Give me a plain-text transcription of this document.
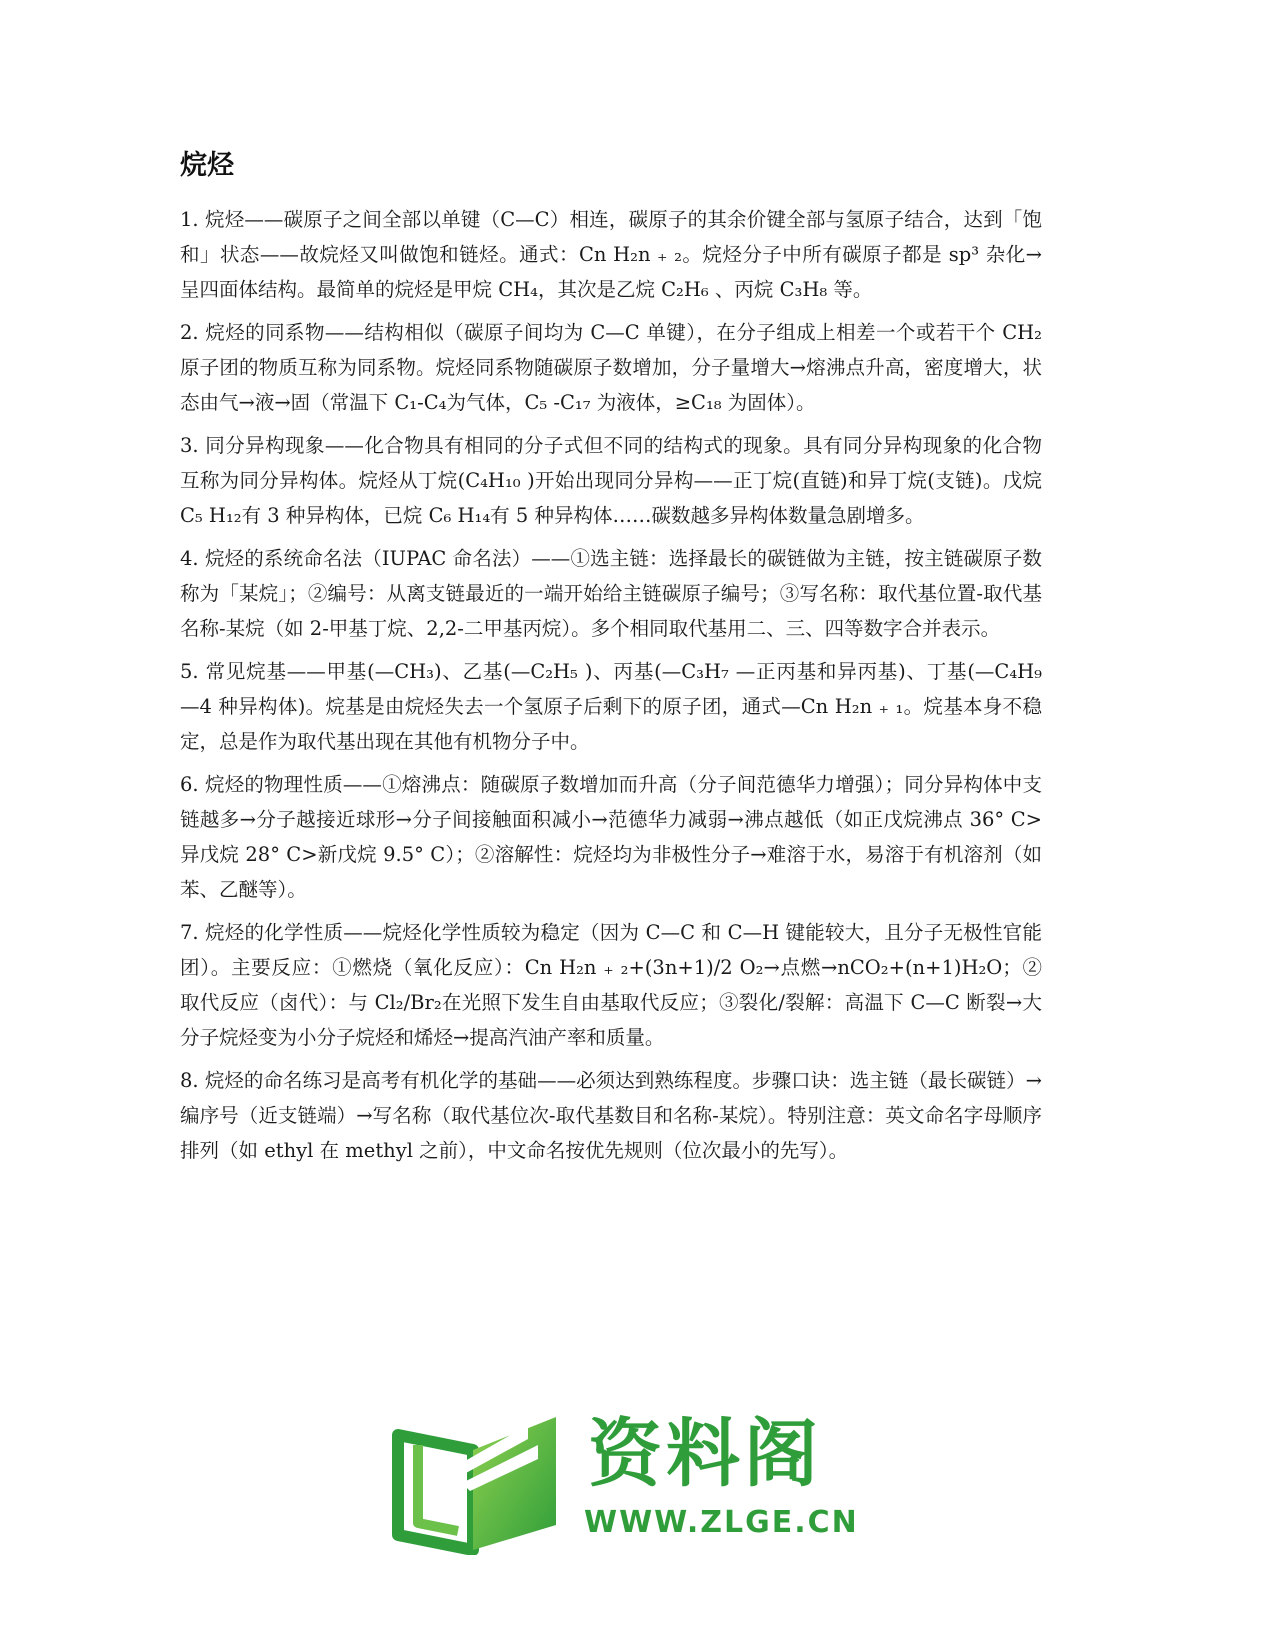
烷烃

1. 烷烃——碳原子之间全部以单键（C—C）相连，碳原子的其余价键全部与氢原子结合，达到「饱和」状态——故烷烃又叫做饱和链烃。通式：Cn H₂n ₊ ₂。烷烃分子中所有碳原子都是 sp³ 杂化→呈四面体结构。最简单的烷烃是甲烷 CH₄，其次是乙烷 C₂H₆ 、丙烷 C₃H₈ 等。

2. 烷烃的同系物——结构相似（碳原子间均为 C—C 单键），在分子组成上相差一个或若干个 CH₂原子团的物质互称为同系物。烷烃同系物随碳原子数增加，分子量增大→熔沸点升高，密度增大，状态由气→液→固（常温下 C₁-C₄为气体，C₅ -C₁₇ 为液体，≥C₁₈ 为固体）。

3. 同分异构现象——化合物具有相同的分子式但不同的结构式的现象。具有同分异构现象的化合物互称为同分异构体。烷烃从丁烷(C₄H₁₀ )开始出现同分异构——正丁烷(直链)和异丁烷(支链)。戊烷 C₅ H₁₂有 3 种异构体，已烷 C₆ H₁₄有 5 种异构体……碳数越多异构体数量急剧增多。

4. 烷烃的系统命名法（IUPAC 命名法）——①选主链：选择最长的碳链做为主链，按主链碳原子数称为「某烷」；②编号：从离支链最近的一端开始给主链碳原子编号；③写名称：取代基位置-取代基名称-某烷（如 2-甲基丁烷、2,2-二甲基丙烷）。多个相同取代基用二、三、四等数字合并表示。

5. 常见烷基——甲基(—CH₃)、乙基(—C₂H₅ )、丙基(—C₃H₇ —正丙基和异丙基)、丁基(—C₄H₉ —4 种异构体)。烷基是由烷烃失去一个氢原子后剩下的原子团，通式—Cn H₂n ₊ ₁。烷基本身不稳定，总是作为取代基出现在其他有机物分子中。

6. 烷烃的物理性质——①熔沸点：随碳原子数增加而升高（分子间范德华力增强）；同分异构体中支链越多→分子越接近球形→分子间接触面积减小→范德华力减弱→沸点越低（如正戊烷沸点 36° C>异戊烷 28° C>新戊烷 9.5° C）；②溶解性：烷烃均为非极性分子→难溶于水，易溶于有机溶剂（如苯、乙醚等）。

7. 烷烃的化学性质——烷烃化学性质较为稳定（因为 C—C 和 C—H 键能较大，且分子无极性官能团）。主要反应：①燃烧（氧化反应）：Cn H₂n ₊ ₂+(3n+1)/2 O₂→点燃→nCO₂+(n+1)H₂O；②取代反应（卤代）：与 Cl₂/Br₂在光照下发生自由基取代反应；③裂化/裂解：高温下 C—C 断裂→大分子烷烃变为小分子烷烃和烯烃→提高汽油产率和质量。

8. 烷烃的命名练习是高考有机化学的基础——必须达到熟练程度。步骤口诀：选主链（最长碳链）→编序号（近支链端）→写名称（取代基位次-取代基数目和名称-某烷）。特别注意：英文命名字母顺序排列（如 ethyl 在 methyl 之前），中文命名按优先规则（位次最小的先写）。

资料阁
WWW.ZLGE.CN
